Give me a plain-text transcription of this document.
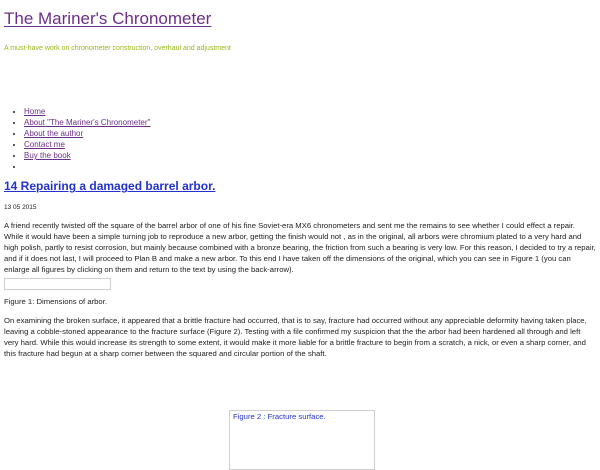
The Mariner's Chronometer
A must-have work on chronometer construction, overhaul and adjustment
• Home
• About "The Mariner's Chronometer"
• About the author
• Contact me
• Buy the book
•
14 Repairing a damaged barrel arbor.
13 05 2015

A friend recently twisted off the square of the barrel arbor of one of his fine Soviet-era MX6 chronometers and sent me the remains to see whether I could effect a repair. While it would have been a simple turning job to reproduce a new arbor, getting the finish would not , as in the original, all arbors were chromium plated to a very hard and high polish, partly to resist corrosion, but mainly because combined with a bronze bearing, the friction from such a bearing is very low. For this reason, I decided to try a repair, and if it does not last, I will proceed to Plan B and make a new arbor. To this end I have taken off the dimensions of the original, which you can see in Figure 1 (you can enlarge all figures by clicking on them and return to the text by using the back-arrow).

Figure 1: Dimensions of arbor.

On examining the broken surface, it appeared that a brittle fracture had occurred, that is to say, fracture had occurred without any appreciable deformity having taken place, leaving a cobble-stoned appearance to the fracture surface (Figure 2). Testing with a file confirmed my suspicion that the the arbor had been hardened all through and left very hard. While this would increase its strength to some extent, it would make it more liable for a brittle fracture to begin from a scratch, a nick, or even a sharp corner, and this fracture had begun at a sharp corner between the squared and circular portion of the shaft.

Figure 2 : Fracture surface.
